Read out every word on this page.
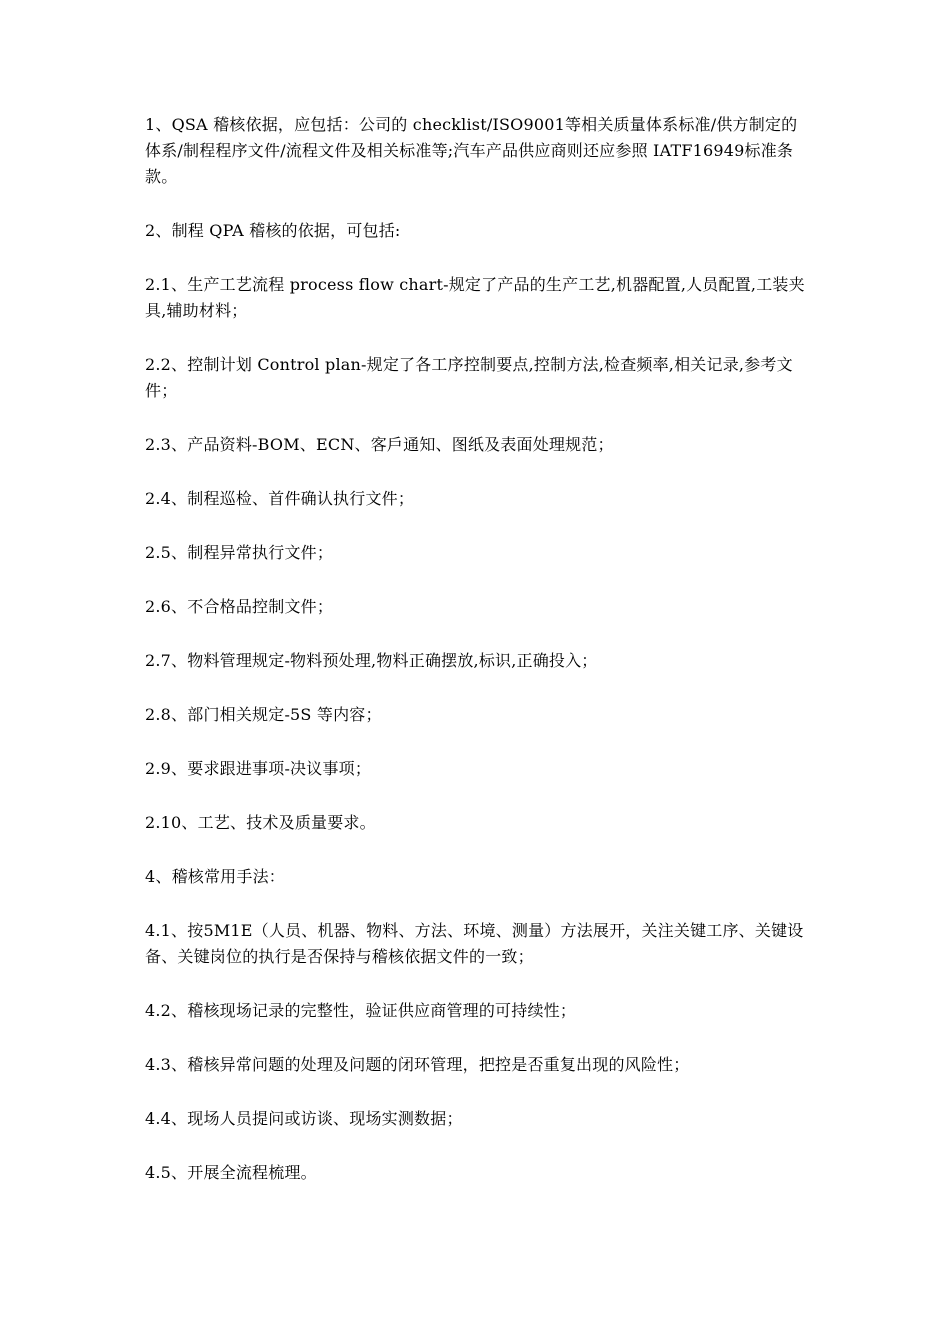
1、QSA 稽核依据，应包括：公司的 checklist/ISO9001等相关质量体系标准/供方制定的体系/制程程序文件/流程文件及相关标准等;汽车产品供应商则还应参照 IATF16949标准条款。

2、制程 QPA 稽核的依据，可包括:

2.1、生产工艺流程 process flow chart-规定了产品的生产工艺,机器配置,人员配置,工装夹具,辅助材料；

2.2、控制计划 Control plan-规定了各工序控制要点,控制方法,检查频率,相关记录,参考文件；

2.3、产品资料-BOM、ECN、客戶通知、图纸及表面处理规范；

2.4、制程巡检、首件确认执行文件；

2.5、制程异常执行文件；

2.6、不合格品控制文件；

2.7、物料管理规定-物料预处理,物料正确摆放,标识,正确投入；

2.8、部门相关规定-5S 等内容；

2.9、要求跟进事项-决议事项；

2.10、工艺、技术及质量要求。

4、稽核常用手法：

4.1、按5M1E（人员、机器、物料、方法、环境、测量）方法展开，关注关键工序、关键设备、关键岗位的执行是否保持与稽核依据文件的一致；

4.2、稽核现场记录的完整性，验证供应商管理的可持续性；

4.3、稽核异常问题的处理及问题的闭环管理，把控是否重复出现的风险性；

4.4、现场人员提问或访谈、现场实测数据；

4.5、开展全流程梳理。
